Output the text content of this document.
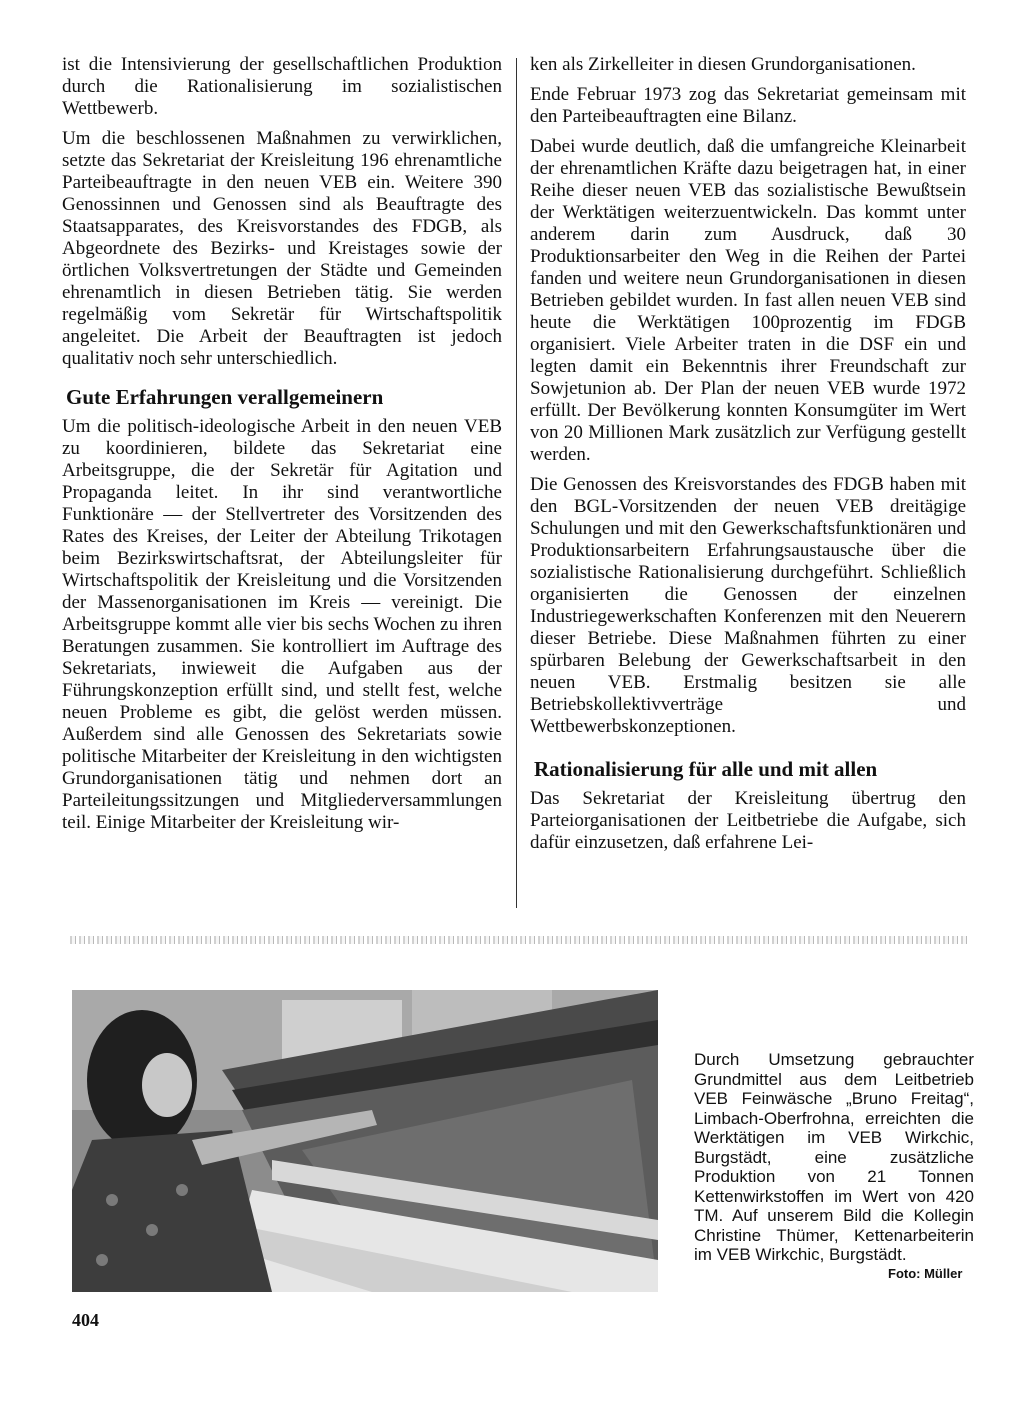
ist die Intensivierung der gesellschaftlichen Produktion durch die Rationalisierung im sozialistischen Wettbewerb.

Um die beschlossenen Maßnahmen zu verwirklichen, setzte das Sekretariat der Kreisleitung 196 ehrenamtliche Parteibeauftragte in den neuen VEB ein. Weitere 390 Genossinnen und Genossen sind als Beauftragte des Staatsapparates, des Kreisvorstandes des FDGB, als Abgeordnete des Bezirks- und Kreistages sowie der örtlichen Volksvertretungen der Städte und Gemeinden ehrenamtlich in diesen Betrieben tätig. Sie werden regelmäßig vom Sekretär für Wirtschaftspolitik angeleitet. Die Arbeit der Beauftragten ist jedoch qualitativ noch sehr unterschiedlich.

Gute Erfahrungen verallgemeinern

Um die politisch-ideologische Arbeit in den neuen VEB zu koordinieren, bildete das Sekretariat eine Arbeitsgruppe, die der Sekretär für Agitation und Propaganda leitet. In ihr sind verantwortliche Funktionäre — der Stellvertreter des Vorsitzenden des Rates des Kreises, der Leiter der Abteilung Trikotagen beim Bezirkswirtschaftsrat, der Abteilungsleiter für Wirtschaftspolitik der Kreisleitung und die Vorsitzenden der Massenorganisationen im Kreis — vereinigt. Die Arbeitsgruppe kommt alle vier bis sechs Wochen zu ihren Beratungen zusammen. Sie kontrolliert im Auftrage des Sekretariats, inwieweit die Aufgaben aus der Führungskonzeption erfüllt sind, und stellt fest, welche neuen Probleme es gibt, die gelöst werden müssen. Außerdem sind alle Genossen des Sekretariats sowie politische Mitarbeiter der Kreisleitung in den wichtigsten Grundorganisationen tätig und nehmen dort an Parteileitungssitzungen und Mitgliederversammlungen teil. Einige Mitarbeiter der Kreisleitung wir-

ken als Zirkelleiter in diesen Grundorganisationen.

Ende Februar 1973 zog das Sekretariat gemeinsam mit den Parteibeauftragten eine Bilanz.

Dabei wurde deutlich, daß die umfangreiche Kleinarbeit der ehrenamtlichen Kräfte dazu beigetragen hat, in einer Reihe dieser neuen VEB das sozialistische Bewußtsein der Werktätigen weiterzuentwickeln. Das kommt unter anderem darin zum Ausdruck, daß 30 Produktionsarbeiter den Weg in die Reihen der Partei fanden und weitere neun Grundorganisationen in diesen Betrieben gebildet wurden. In fast allen neuen VEB sind heute die Werktätigen 100prozentig im FDGB organisiert. Viele Arbeiter traten in die DSF ein und legten damit ein Bekenntnis ihrer Freundschaft zur Sowjetunion ab. Der Plan der neuen VEB wurde 1972 erfüllt. Der Bevölkerung konnten Konsumgüter im Wert von 20 Millionen Mark zusätzlich zur Verfügung gestellt werden.

Die Genossen des Kreisvorstandes des FDGB haben mit den BGL-Vorsitzenden der neuen VEB dreitägige Schulungen und mit den Gewerkschaftsfunktionären und Produktionsarbeitern Erfahrungsaustausche über die sozialistische Rationalisierung durchgeführt. Schließlich organisierten die Genossen der einzelnen Industriegewerkschaften Konferenzen mit den Neuerern dieser Betriebe. Diese Maßnahmen führten zu einer spürbaren Belebung der Gewerkschaftsarbeit in den neuen VEB. Erstmalig besitzen sie alle Betriebskollektivverträge und Wettbewerbskonzeptionen.

Rationalisierung für alle und mit allen

Das Sekretariat der Kreisleitung übertrug den Parteiorganisationen der Leitbetriebe die Aufgabe, sich dafür einzusetzen, daß erfahrene Lei-

Durch Umsetzung gebrauchter Grundmittel aus dem Leitbetrieb VEB Feinwäsche „Bruno Freitag“, Limbach-Oberfrohna, erreichten die Werktätigen im VEB Wirkchic, Burgstädt, eine zusätzliche Produktion von 21 Tonnen Kettenwirkstoffen im Wert von 420 TM. Auf unserem Bild die Kollegin Christine Thümer, Kettenarbeiterin im VEB Wirkchic, Burgstädt.
Foto: Müller
404
